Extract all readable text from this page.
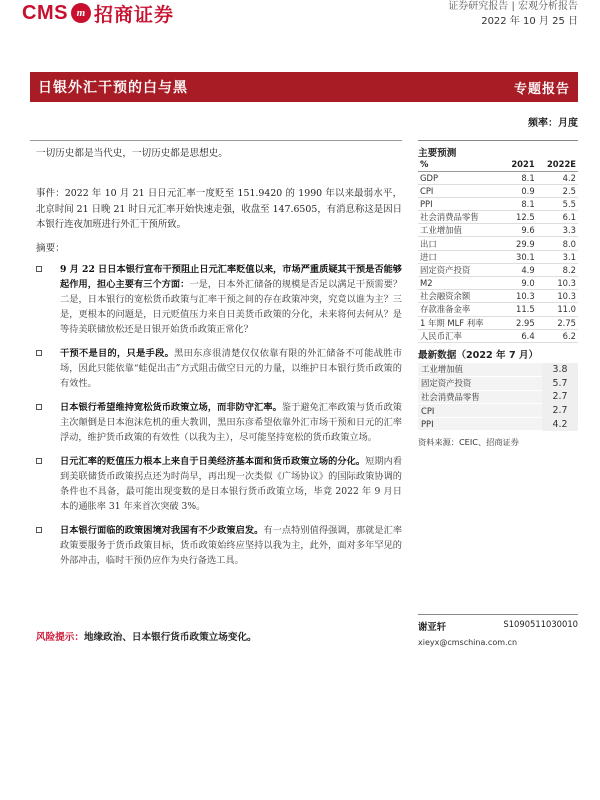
CMS m 招商证券	证券研究报告 | 宏观分析报告
2022 年 10 月 25 日
日银外汇干预的白与黑	专题报告
频率：月度
一切历史都是当代史，一切历史都是思想史。
事件：2022 年 10 月 21 日日元汇率一度贬至 151.9420 的 1990 年以来最弱水平，北京时间 21 日晚 21 时日元汇率开始快速走强，收盘至 147.6505，有消息称这是因日本银行连夜加班进行外汇干预所致。
摘要：
9 月 22 日日本银行宣布干预阻止日元汇率贬值以来，市场严重质疑其干预是否能够起作用，担心主要有三个方面：一是，日本外汇储备的规模是否足以满足干预需要？二是，日本银行的宽松货币政策与汇率干预之间的存在政策冲突，究竟以谁为主？三是，更根本的问题是，日元贬值压力来自日美货币政策的分化，未来将何去何从？是等待美联储放松还是日银开始货币政策正常化？
干预不是目的，只是手段。黑田东彦很清楚仅仅依靠有限的外汇储备不可能战胜市场，因此只能依靠“蛙促出击”方式阻击做空日元的力量，以维护日本银行货币政策的有效性。
日本银行希望维持宽松货币政策立场，而非防守汇率。鉴于避免汇率政策与货币政策主次颠倒是日本泡沫危机的重大教训，黑田东彦希望依靠外汇市场干预和日元的汇率浮动，维护货币政策的有效性（以我为主），尽可能坚持宽松的货币政策立场。
日元汇率的贬值压力根本上来自于日美经济基本面和货币政策立场的分化。短期内看到美联储货币政策拐点还为时尚早，再出现一次类似《广场协议》的国际政策协调的条件也不具备，最可能出现变数的是日本银行货币政策立场，毕竟 2022 年 9 月日本的通胀率 31 年来首次突破 3%。
日本银行面临的政策困境对我国有不少政策启发。有一点特别值得强调，那就是汇率政策要服务于货币政策目标，货币政策始终应坚持以我为主，此外，面对多年罕见的外部冲击，临时干预仍应作为央行备选工具。
风险提示：地缘政治、日本银行货币政策立场变化。
主要预测
%	2021	2022E
GDP	8.1	4.2
CPI	0.9	2.5
PPI	8.1	5.5
社会消费品零售	12.5	6.1
工业增加值	9.6	3.3
出口	29.9	8.0
进口	30.1	3.1
固定资产投资	4.9	8.2
M2	9.0	10.3
社会融资余额	10.3	10.3
存款准备金率	11.5	11.0
1 年期 MLF 利率	2.95	2.75
人民币汇率	6.4	6.2
最新数据（2022 年 7 月）
工业增加值	3.8
固定资产投资	5.7
社会消费品零售	2.7
CPI	2.7
PPI	4.2
资料来源：CEIC、招商证券
谢亚轩	S1090511030010
xieyx@cmschina.com.cn
